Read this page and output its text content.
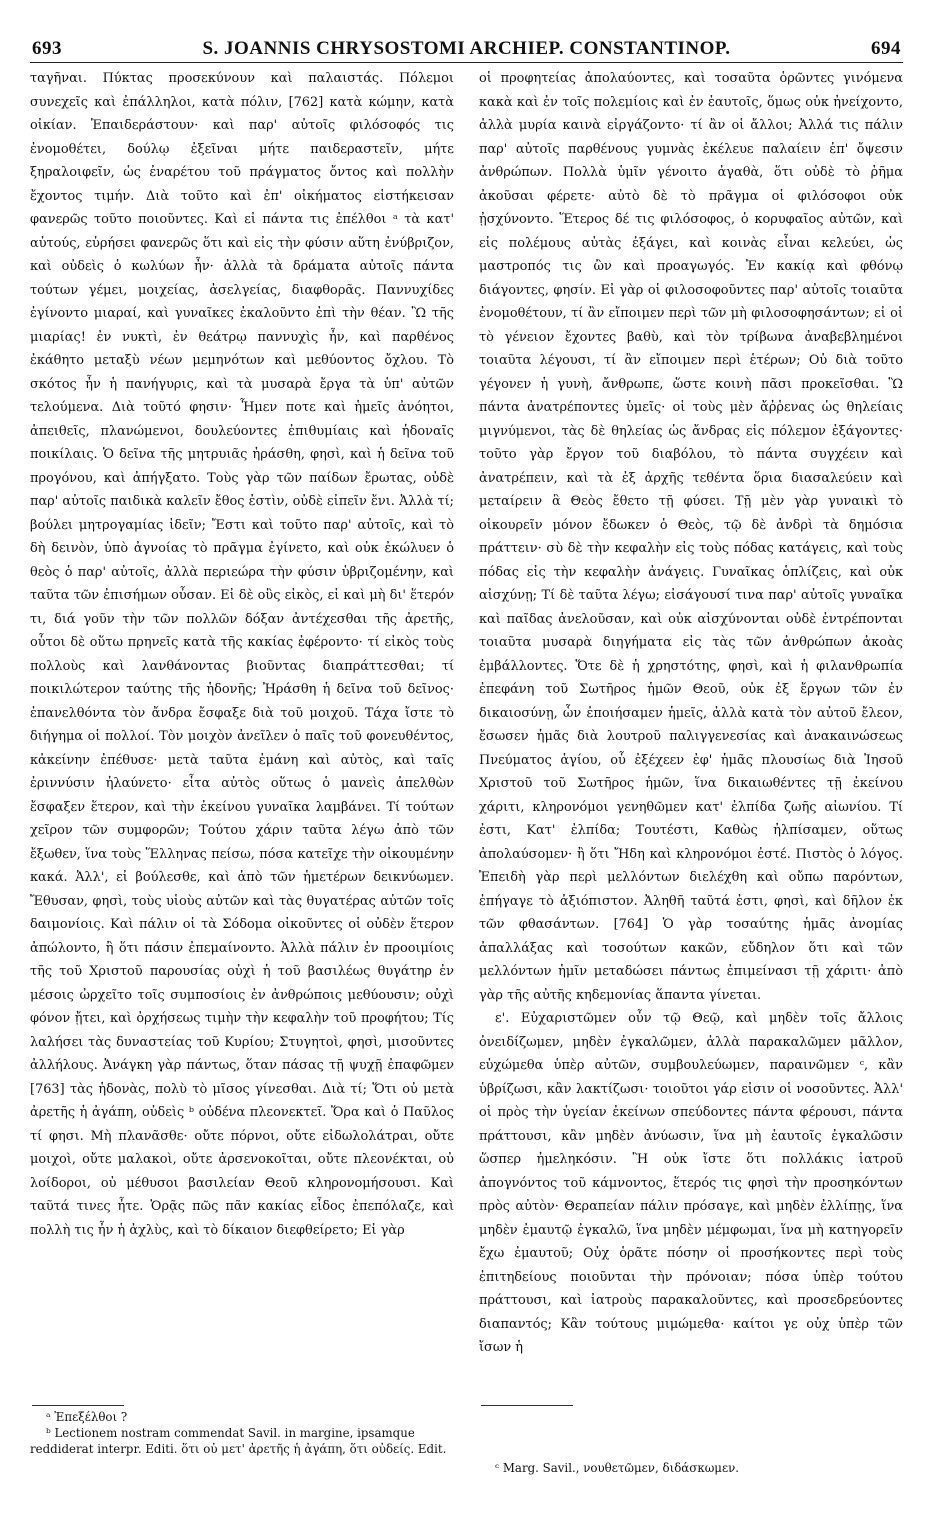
693	S. JOANNIS CHRYSOSTOMI ARCHIEP. CONSTANTINOP.	694

ταγῆναι. Πύκτας προσεκύνουν καὶ παλαιστάς. Πόλεμοι συνεχεῖς καὶ ἐπάλληλοι, κατὰ πόλιν, [762] κατὰ κώμην, κατὰ οἰκίαν. Ἐπαιδεράστουν· καὶ παρ' αὐτοῖς φιλόσοφός τις ἐνομοθέτει, δούλῳ ἐξεῖναι μήτε παιδεραστεῖν, μήτε ξηραλοιφεῖν, ὡς ἐναρέτου τοῦ πράγματος ὄντος καὶ πολλὴν ἔχοντος τιμήν. Διὰ τοῦτο καὶ ἐπ' οἰκήματος εἱστήκεισαν φανερῶς τοῦτο ποιοῦντες. Καὶ εἰ πάντα τις ἐπέλθοι ᵃ τὰ κατ' αὐτούς, εὑρήσει φανερῶς ὅτι καὶ εἰς τὴν φύσιν αὕτη ἐνύβριζον, καὶ οὐδεὶς ὁ κωλύων ἦν· ἀλλὰ τὰ δράματα αὐτοῖς πάντα τούτων γέμει, μοιχείας, ἀσελγείας, διαφθορᾶς. Παννυχίδες ἐγίνοντο μιαραί, καὶ γυναῖκες ἐκαλοῦντο ἐπὶ τὴν θέαν. Ὢ τῆς μιαρίας! ἐν νυκτὶ, ἐν θεάτρῳ παννυχὶς ἦν, καὶ παρθένος ἐκάθητο μεταξὺ νέων μεμηνότων καὶ μεθύοντος ὄχλου. Τὸ σκότος ἦν ἡ πανήγυρις, καὶ τὰ μυσαρὰ ἔργα τὰ ὑπ' αὐτῶν τελούμενα. Διὰ τοῦτό φησιν· Ἦμεν ποτε καὶ ἡμεῖς ἀνόητοι, ἀπειθεῖς, πλανώμενοι, δουλεύοντες ἐπιθυμίαις καὶ ἡδοναῖς ποικίλαις. Ὁ δεῖνα τῆς μητρυιᾶς ἠράσθη, φησὶ, καὶ ἡ δεῖνα τοῦ προγόνου, καὶ ἀπήγξατο. Τοὺς γὰρ τῶν παίδων ἔρωτας, οὐδὲ παρ' αὐτοῖς παιδικὰ καλεῖν ἔθος ἐστὶν, οὐδὲ εἰπεῖν ἔνι. Ἀλλὰ τί; βούλει μητρογαμίας ἰδεῖν; Ἔστι καὶ τοῦτο παρ' αὐτοῖς, καὶ τὸ δὴ δεινὸν, ὑπὸ ἀγνοίας τὸ πρᾶγμα ἐγίνετο, καὶ οὐκ ἐκώλυεν ὁ θεὸς ὁ παρ' αὐτοῖς, ἀλλὰ περιεώρα τὴν φύσιν ὑβριζομένην, καὶ ταῦτα τῶν ἐπισήμων οὖσαν. Εἰ δὲ οὓς εἰκὸς, εἰ καὶ μὴ δι' ἕτερόν τι, διά γοῦν τὴν τῶν πολλῶν δόξαν ἀντέχεσθαι τῆς ἀρετῆς, οὗτοι δὲ οὕτω πρηνεῖς κατὰ τῆς κακίας ἐφέροντο· τί εἰκὸς τοὺς πολλοὺς καὶ λανθάνοντας βιοῦντας διαπράττεσθαι; τί ποικιλώτερον ταύτης τῆς ἡδονῆς; Ἠράσθη ἡ δεῖνα τοῦ δεῖνος· ἐπανελθόντα τὸν ἄνδρα ἔσφαξε διὰ τοῦ μοιχοῦ. Τάχα ἴστε τὸ διήγημα οἱ πολλοί. Τὸν μοιχὸν ἀνεῖλεν ὁ παῖς τοῦ φονευθέντος, κἀκείνην ἐπέθυσε· μετὰ ταῦτα ἐμάνη καὶ αὐτὸς, καὶ ταῖς ἐριννύσιν ἠλαύνετο· εἶτα αὐτὸς οὕτως ὁ μανεὶς ἀπελθὼν ἔσφαξεν ἕτερον, καὶ τὴν ἐκείνου γυναῖκα λαμβάνει. Τί τούτων χεῖρον τῶν συμφορῶν; Τούτου χάριν ταῦτα λέγω ἀπὸ τῶν ἔξωθεν, ἵνα τοὺς Ἕλληνας πείσω, πόσα κατεῖχε τὴν οἰκουμένην κακά. Ἀλλ', εἰ βούλεσθε, καὶ ἀπὸ τῶν ἡμετέρων δεικνύωμεν. Ἔθυσαν, φησὶ, τοὺς υἱοὺς αὐτῶν καὶ τὰς θυγατέρας αὐτῶν τοῖς δαιμονίοις. Καὶ πάλιν οἱ τὰ Σόδομα οἰκοῦντες οἱ οὐδὲν ἕτερον ἀπώλοντο, ἢ ὅτι πάσιν ἐπεμαίνοντο. Ἀλλὰ πάλιν ἐν προοιμίοις τῆς τοῦ Χριστοῦ παρουσίας οὐχὶ ἡ τοῦ βασιλέως θυγάτηρ ἐν μέσοις ὠρχεῖτο τοῖς συμποσίοις ἐν ἀνθρώποις μεθύουσιν; οὐχὶ φόνον ᾔτει, καὶ ὀρχήσεως τιμὴν τὴν κεφαλὴν τοῦ προφήτου; Τίς λαλήσει τὰς δυναστείας τοῦ Κυρίου; Στυγητοὶ, φησὶ, μισοῦντες ἀλλήλους. Ἀνάγκη γὰρ πάντως, ὅταν πάσας τῇ ψυχῇ ἐπαφῶμεν [763] τὰς ἡδονὰς, πολὺ τὸ μῖσος γίνεσθαι. Διὰ τί; Ὅτι οὐ μετὰ ἀρετῆς ἡ ἀγάπη, οὐδεὶς ᵇ οὐδένα πλεονεκτεῖ. Ὅρα καὶ ὁ Παῦλος τί φησι. Μὴ πλανᾶσθε· οὔτε πόρνοι, οὔτε εἰδωλολάτραι, οὔτε μοιχοὶ, οὔτε μαλακοὶ, οὔτε ἀρσενοκοῖται, οὔτε πλεονέκται, οὐ λοίδοροι, οὐ μέθυσοι βασιλείαν Θεοῦ κληρονομήσουσι. Καὶ ταῦτά τινες ἦτε. Ὁρᾷς πῶς πᾶν κακίας εἶδος ἐπεπόλαζε, καὶ πολλὴ τις ἦν ἡ ἀχλὺς, καὶ τὸ δίκαιον διεφθείρετο; Εἰ γὰρ

οἱ προφητείας ἀπολαύοντες, καὶ τοσαῦτα ὁρῶντες γινόμενα κακὰ καὶ ἐν τοῖς πολεμίοις καὶ ἐν ἑαυτοῖς, ὅμως οὐκ ἠνείχοντο, ἀλλὰ μυρία καινὰ εἰργάζοντο· τί ἂν οἱ ἄλλοι; Ἀλλά τις πάλιν παρ' αὐτοῖς παρθένους γυμνὰς ἐκέλευε παλαίειν ἐπ' ὄψεσιν ἀνθρώπων. Πολλὰ ὑμῖν γένοιτο ἀγαθὰ, ὅτι οὐδὲ τὸ ῥῆμα ἀκοῦσαι φέρετε· αὐτὸ δὲ τὸ πρᾶγμα οἱ φιλόσοφοι οὐκ ᾐσχύνοντο. Ἕτερος δέ τις φιλόσοφος, ὁ κορυφαῖος αὐτῶν, καὶ εἰς πολέμους αὐτὰς ἐξάγει, καὶ κοινὰς εἶναι κελεύει, ὡς μαστροπός τις ὢν καὶ προαγωγός. Ἐν κακίᾳ καὶ φθόνῳ διάγοντες, φησίν. Εἰ γὰρ οἱ φιλοσοφοῦντες παρ' αὐτοῖς τοιαῦτα ἐνομοθέτουν, τί ἂν εἴποιμεν περὶ τῶν μὴ φιλοσοφησάντων; εἰ οἱ τὸ γένειον ἔχοντες βαθὺ, καὶ τὸν τρίβωνα ἀναβεβλημένοι τοιαῦτα λέγουσι, τί ἂν εἴποιμεν περὶ ἑτέρων; Οὐ διὰ τοῦτο γέγονεν ἡ γυνὴ, ἄνθρωπε, ὥστε κοινὴ πᾶσι προκεῖσθαι. Ὢ πάντα ἀνατρέποντες ὑμεῖς· οἱ τοὺς μὲν ἄῤῥενας ὡς θηλείαις μιγνύμενοι, τὰς δὲ θηλείας ὡς ἄνδρας εἰς πόλεμον ἐξάγοντες· τοῦτο γὰρ ἔργον τοῦ διαβόλου, τὸ πάντα συγχέειν καὶ ἀνατρέπειν, καὶ τὰ ἐξ ἀρχῆς τεθέντα ὅρια διασαλεύειν καὶ μεταίρειν ἃ Θεὸς ἔθετο τῇ φύσει. Τῇ μὲν γὰρ γυναικὶ τὸ οἰκουρεῖν μόνον ἔδωκεν ὁ Θεὸς, τῷ δὲ ἀνδρὶ τὰ δημόσια πράττειν· σὺ δὲ τὴν κεφαλὴν εἰς τοὺς πόδας κατάγεις, καὶ τοὺς πόδας εἰς τὴν κεφαλὴν ἀνάγεις. Γυναῖκας ὁπλίζεις, καὶ οὐκ αἰσχύνῃ; Τί δὲ ταῦτα λέγω; εἰσάγουσί τινα παρ' αὐτοῖς γυναῖκα καὶ παῖδας ἀνελοῦσαν, καὶ οὐκ αἰσχύνονται οὐδὲ ἐντρέπονται τοιαῦτα μυσαρὰ διηγήματα εἰς τὰς τῶν ἀνθρώπων ἀκοὰς ἐμβάλλοντες. Ὅτε δὲ ἡ χρηστότης, φησὶ, καὶ ἡ φιλανθρωπία ἐπεφάνη τοῦ Σωτῆρος ἡμῶν Θεοῦ, οὐκ ἐξ ἔργων τῶν ἐν δικαιοσύνῃ, ὧν ἐποιήσαμεν ἡμεῖς, ἀλλὰ κατὰ τὸν αὐτοῦ ἔλεον, ἔσωσεν ἡμᾶς διὰ λουτροῦ παλιγγενεσίας καὶ ἀνακαινώσεως Πνεύματος ἁγίου, οὗ ἐξέχεεν ἐφ' ἡμᾶς πλουσίως διὰ Ἰησοῦ Χριστοῦ τοῦ Σωτῆρος ἡμῶν, ἵνα δικαιωθέντες τῇ ἐκείνου χάριτι, κληρονόμοι γενηθῶμεν κατ' ἐλπίδα ζωῆς αἰωνίου. Τί ἐστι, Κατ' ἐλπίδα; Τουτέστι, Καθὼς ἠλπίσαμεν, οὕτως ἀπολαύσομεν· ἢ ὅτι Ἤδη καὶ κληρονόμοι ἐστέ. Πιστὸς ὁ λόγος. Ἐπειδὴ γὰρ περὶ μελλόντων διελέχθη καὶ οὔπω παρόντων, ἐπήγαγε τὸ ἀξιόπιστον. Ἀληθῆ ταῦτά ἐστι, φησὶ, καὶ δῆλον ἐκ τῶν φθασάντων. [764] Ὁ γὰρ τοσαύτης ἡμᾶς ἀνομίας ἀπαλλάξας καὶ τοσούτων κακῶν, εὔδηλον ὅτι καὶ τῶν μελλόντων ἡμῖν μεταδώσει πάντως ἐπιμείνασι τῇ χάριτι· ἀπὸ γὰρ τῆς αὐτῆς κηδεμονίας ἅπαντα γίνεται.

ε'. Εὐχαριστῶμεν οὖν τῷ Θεῷ, καὶ μηδὲν τοῖς ἄλλοις ὀνειδίζωμεν, μηδὲν ἐγκαλῶμεν, ἀλλὰ παρακαλῶμεν μᾶλλον, εὐχώμεθα ὑπὲρ αὐτῶν, συμβουλεύωμεν, παραινῶμεν ᶜ, κἂν ὑβρίζωσι, κἂν λακτίζωσι· τοιοῦτοι γάρ εἰσιν οἱ νοσοῦντες. Ἀλλ' οἱ πρὸς τὴν ὑγείαν ἐκείνων σπεύδοντες πάντα φέρουσι, πάντα πράττουσι, κἂν μηδὲν ἀνύωσιν, ἵνα μὴ ἑαυτοῖς ἐγκαλῶσιν ὥσπερ ἠμεληκόσιν. Ἢ οὐκ ἴστε ὅτι πολλάκις ἰατροῦ ἀπογνόντος τοῦ κάμνοντος, ἕτερός τις φησὶ τὴν προσηκόντων πρὸς αὐτὸν· Θεραπείαν πάλιν πρόσαγε, καὶ μηδὲν ἐλλίπῃς, ἵνα μηδὲν ἐμαυτῷ ἐγκαλῶ, ἵνα μηδὲν μέμφωμαι, ἵνα μὴ κατηγορεῖν ἔχω ἐμαυτοῦ; Οὐχ ὁρᾶτε πόσην οἱ προσήκοντες περὶ τοὺς ἐπιτηδείους ποιοῦνται τὴν πρόνοιαν; πόσα ὑπὲρ τούτου πράττουσι, καὶ ἰατροὺς παρακαλοῦντες, καὶ προσεδρεύοντες διαπαντός; Κἂν τούτους μιμώμεθα· καίτοι γε οὐχ ὑπὲρ τῶν ἴσων ἡ

ᵃ Ἐπεξέλθοι ?

ᵇ Lectionem nostram commendat Savil. in margine, ipsamque reddiderat interpr. Editi. ὅτι οὐ μετ' ἀρετῆς ἡ ἀγάπη, ὅτι οὐδείς. Edit.

ᶜ Marg. Savil., νουθετῶμεν, διδάσκωμεν.
